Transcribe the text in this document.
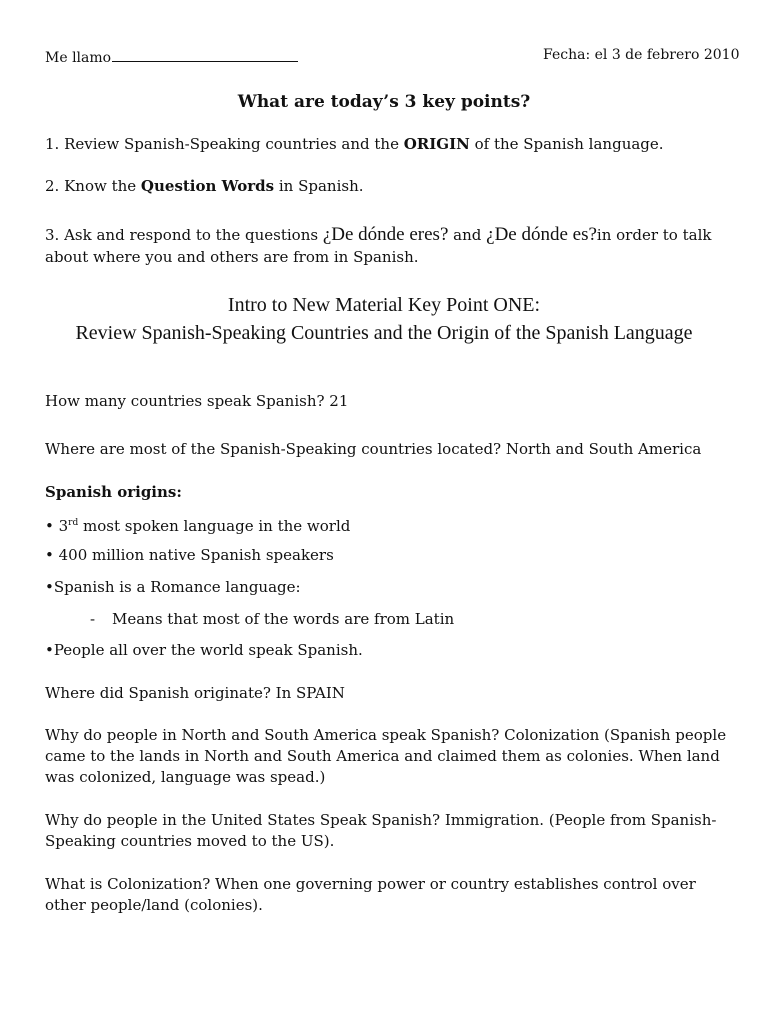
Me llamo	Fecha: el 3 de febrero 2010
What are today’s 3 key points?
1. Review Spanish-Speaking countries and the ORIGIN of the Spanish language.
2. Know the Question Words in Spanish.
3. Ask and respond to the questions ¿De dónde eres? and ¿De dónde es?in order to talk about where you and others are from in Spanish.
Intro to New Material Key Point ONE:
Review Spanish-Speaking Countries and the Origin of the Spanish Language
How many countries speak Spanish? 21
Where are most of the Spanish-Speaking countries located? North and South America
Spanish origins:
• 3rd most spoken language in the world
• 400 million native Spanish speakers
•Spanish is a Romance language:
- Means that most of the words are from Latin
•People all over the world speak Spanish.
Where did Spanish originate? In SPAIN
Why do people in North and South America speak Spanish? Colonization (Spanish people came to the lands in North and South America and claimed them as colonies. When land was colonized, language was spead.)
Why do people in the United States Speak Spanish? Immigration. (People from Spanish-Speaking countries moved to the US).
What is Colonization? When one governing power or country establishes control over other people/land (colonies).
